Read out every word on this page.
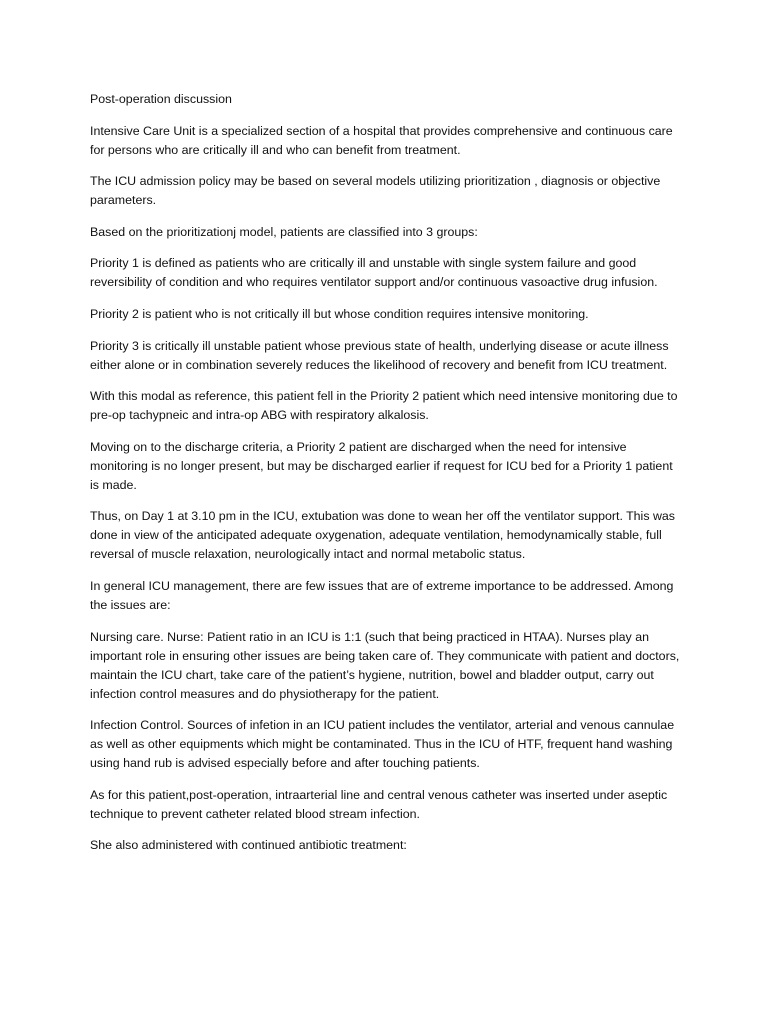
Post-operation discussion

Intensive Care Unit is a specialized section of a hospital that provides comprehensive and continuous care for persons who are critically ill and who can benefit from treatment.

The ICU admission policy may be based on several models utilizing prioritization , diagnosis or objective parameters.

Based on the prioritizationj model, patients are classified into 3 groups:

Priority 1 is defined as patients who are critically ill and unstable with single system failure and good reversibility of condition and who requires ventilator support and/or continuous vasoactive drug infusion.

Priority 2 is patient who is not critically ill but whose condition requires intensive monitoring.

Priority 3 is critically ill unstable patient whose previous state of health, underlying disease or acute illness either alone or in combination severely reduces the likelihood of recovery and benefit from ICU treatment.

With this modal as reference, this patient fell in the Priority 2 patient which need intensive monitoring due to pre-op tachypneic and intra-op ABG with respiratory alkalosis.

Moving on to the discharge criteria, a Priority 2 patient are discharged when the need for intensive monitoring is no longer present, but may be discharged earlier if request for ICU bed for a Priority 1 patient is made.

Thus, on Day 1 at 3.10 pm in the ICU, extubation was done to wean her off the ventilator support. This was done in view of the anticipated adequate oxygenation, adequate ventilation, hemodynamically stable, full reversal of muscle relaxation, neurologically intact and normal metabolic status.

In general ICU management, there are few issues that are of extreme importance to be addressed. Among the issues are:

Nursing care. Nurse: Patient ratio in an ICU is 1:1 (such that being practiced in HTAA). Nurses play an important role in ensuring other issues are being taken care of. They communicate with patient and doctors, maintain the ICU chart, take care of the patient’s hygiene, nutrition, bowel and bladder output, carry out infection control measures and do physiotherapy for the patient.

Infection Control. Sources of infetion in an ICU patient includes the ventilator, arterial and venous cannulae as well as other equipments which might be contaminated. Thus in the ICU of HTF, frequent hand washing using hand rub is advised especially before and after touching patients.

As for this patient,post-operation, intraarterial line and central venous catheter was inserted under aseptic technique to prevent catheter related blood stream infection.

She also administered with continued antibiotic treatment:
